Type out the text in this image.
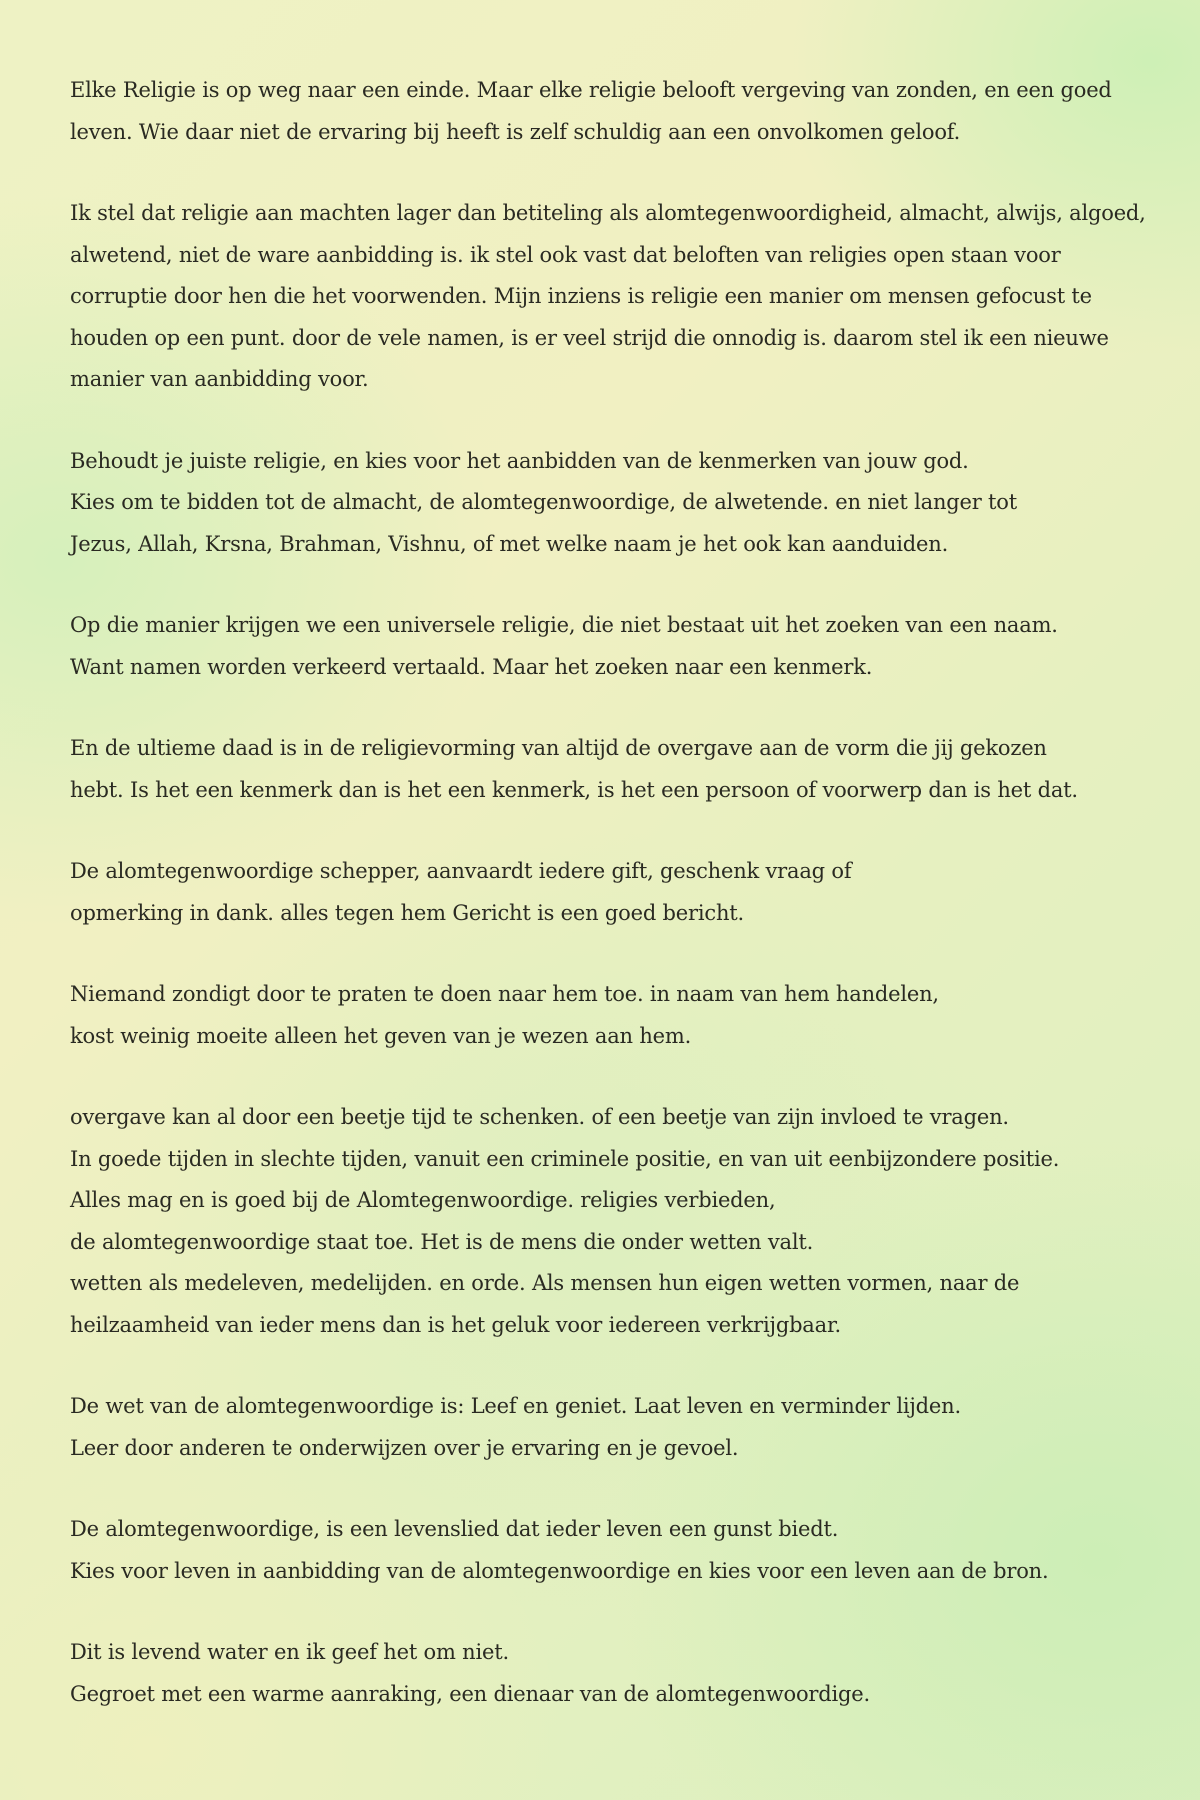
Elke Religie is op weg naar een einde. Maar elke religie belooft vergeving van zonden, en een goed
leven. Wie daar niet de ervaring bij heeft is zelf schuldig aan een onvolkomen geloof.

Ik stel dat religie aan machten lager dan betiteling als alomtegenwoordigheid, almacht, alwijs, algoed,
alwetend, niet de ware aanbidding is. ik stel ook vast dat beloften van religies open staan voor
corruptie door hen die het voorwenden. Mijn inziens is religie een manier om mensen gefocust te
houden op een punt. door de vele namen, is er veel strijd die onnodig is. daarom stel ik een nieuwe
manier van aanbidding voor.

Behoudt je juiste religie, en kies voor het aanbidden van de kenmerken van jouw god.
Kies om te bidden tot de almacht, de alomtegenwoordige, de alwetende. en niet langer tot
Jezus, Allah, Krsna, Brahman, Vishnu, of met welke naam je het ook kan aanduiden.

Op die manier krijgen we een universele religie, die niet bestaat uit het zoeken van een naam.
Want namen worden verkeerd vertaald. Maar het zoeken naar een kenmerk.

En de ultieme daad is in de religievorming van altijd de overgave aan de vorm die jij gekozen
hebt. Is het een kenmerk dan is het een kenmerk, is het een persoon of voorwerp dan is het dat.

De alomtegenwoordige schepper, aanvaardt iedere gift, geschenk vraag of
opmerking in dank. alles tegen hem Gericht is een goed bericht.

Niemand zondigt door te praten te doen naar hem toe. in naam van hem handelen,
kost weinig moeite alleen het geven van je wezen aan hem.

overgave kan al door een beetje tijd te schenken. of een beetje van zijn invloed te vragen.
In goede tijden in slechte tijden, vanuit een criminele positie, en van uit eenbijzondere positie.
Alles mag en is goed bij de Alomtegenwoordige. religies verbieden,
de alomtegenwoordige staat toe. Het is de mens die onder wetten valt.
wetten als medeleven, medelijden. en orde. Als mensen hun eigen wetten vormen, naar de
heilzaamheid van ieder mens dan is het geluk voor iedereen verkrijgbaar.

De wet van de alomtegenwoordige is: Leef en geniet. Laat leven en verminder lijden.
Leer door anderen te onderwijzen over je ervaring en je gevoel.

De alomtegenwoordige, is een levenslied dat ieder leven een gunst biedt.
Kies voor leven in aanbidding van de alomtegenwoordige en kies voor een leven aan de bron.

Dit is levend water en ik geef het om niet.
Gegroet met een warme aanraking, een dienaar van de alomtegenwoordige.
